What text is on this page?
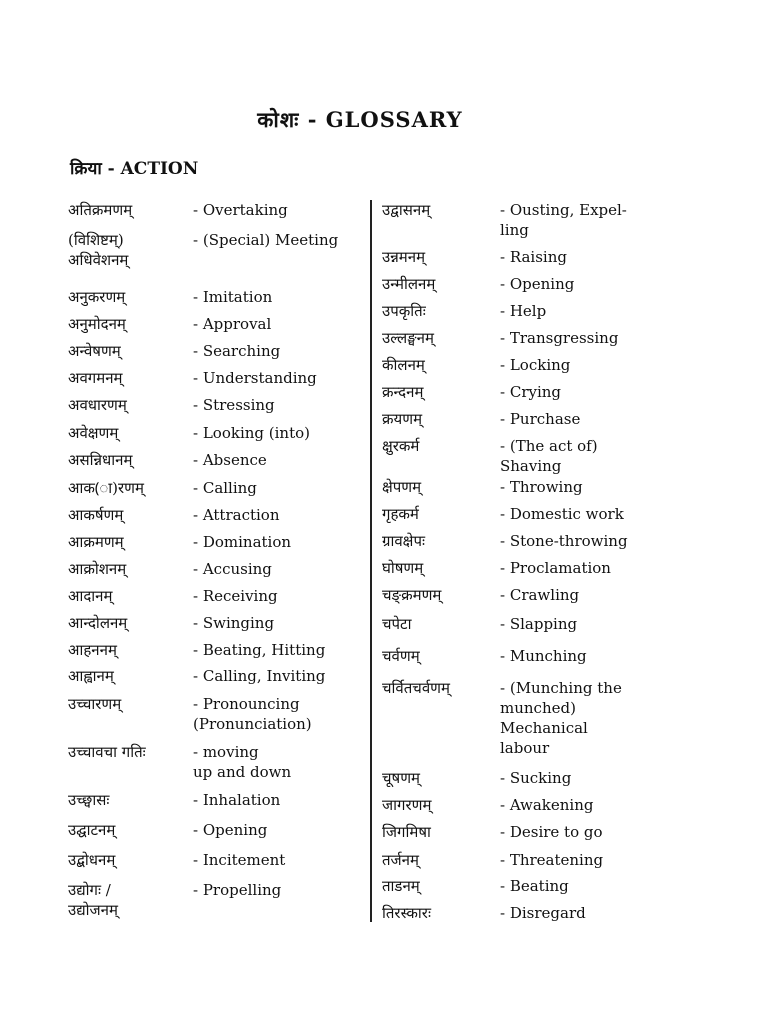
कोशः - GLOSSARY
क्रिया - ACTION
अतिक्रमणम्	- Overtaking
(विशिष्टम्)
अधिवेशनम्
- (Special) Meeting
अनुकरणम्	- Imitation
अनुमोदनम्	- Approval
अन्वेषणम्	- Searching
अवगमनम्	- Understanding
अवधारणम्	- Stressing
अवेक्षणम्	- Looking (into)
असन्निधानम्	- Absence
आक(ा)रणम्	- Calling
आकर्षणम्	- Attraction
आक्रमणम्	- Domination
आक्रोशनम्	- Accusing
आदानम्	- Receiving
आन्दोलनम्	- Swinging
आहननम्	- Beating, Hitting
आह्वानम्	- Calling, Inviting
उच्चारणम्	- Pronouncing
(Pronunciation)
उच्चावचा गतिः	- moving
up and down
उच्छ्वासः	- Inhalation
उद्घाटनम्	- Opening
उद्बोधनम्	- Incitement
उद्योगः /
उद्योजनम्
- Propelling
उद्वासनम्	- Ousting, Expel-
ling
उन्नमनम्	- Raising
उन्मीलनम्	- Opening
उपकृतिः	- Help
उल्लङ्घनम्	- Transgressing
कीलनम्	- Locking
क्रन्दनम्	- Crying
क्रयणम्	- Purchase
क्षुरकर्म	- (The act of)
Shaving
क्षेपणम्	- Throwing
गृहकर्म	- Domestic work
ग्रावक्षेपः	- Stone-throwing
घोषणम्	- Proclamation
चङ्क्रमणम्	- Crawling
चपेटा	- Slapping
चर्वणम्	- Munching
चर्वितचर्वणम्	- (Munching the
munched)
Mechanical
labour
चूषणम्	- Sucking
जागरणम्	- Awakening
जिगमिषा	- Desire to go
तर्जनम्	- Threatening
ताडनम्	- Beating
तिरस्कारः	- Disregard
